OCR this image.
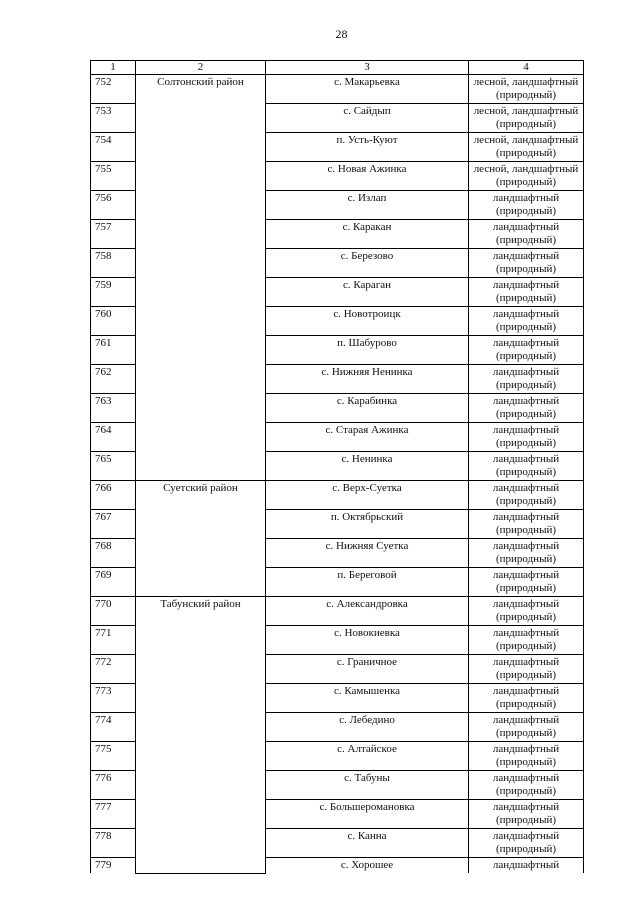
28
1	2	3	4
752	Солтонский район	с. Макарьевка	лесной, ландшафтный
(природный)

753		с. Сайдып	лесной, ландшафтный
(природный)

754		п. Усть-Куют	лесной, ландшафтный
(природный)

755		с. Новая Ажинка	лесной, ландшафтный
(природный)

756		с. Излап	ландшафтный
(природный)

757		с. Каракан	ландшафтный
(природный)

758		с. Березово	ландшафтный
(природный)

759		с. Караган	ландшафтный
(природный)

760		с. Новотроицк	ландшафтный
(природный)

761		п. Шабурово	ландшафтный
(природный)

762		с. Нижняя Ненинка	ландшафтный
(природный)

763		с. Карабинка	ландшафтный
(природный)

764		с. Старая Ажинка	ландшафтный
(природный)

765		с. Ненинка	ландшафтный
(природный)

766	Суетский район	с. Верх-Суетка	ландшафтный
(природный)

767		п. Октябрьский	ландшафтный
(природный)

768		с. Нижняя Суетка	ландшафтный
(природный)

769		п. Береговой	ландшафтный
(природный)

770	Табунский район	с. Александровка	ландшафтный
(природный)

771		с. Новокиевка	ландшафтный
(природный)

772		с. Граничное	ландшафтный
(природный)

773		с. Камышенка	ландшафтный
(природный)

774		с. Лебедино	ландшафтный
(природный)

775		с. Алтайское	ландшафтный
(природный)

776		с. Табуны	ландшафтный
(природный)

777		с. Большеромановка	ландшафтный
(природный)

778		с. Канна	ландшафтный
(природный)

779		с. Хорошее	ландшафтный
